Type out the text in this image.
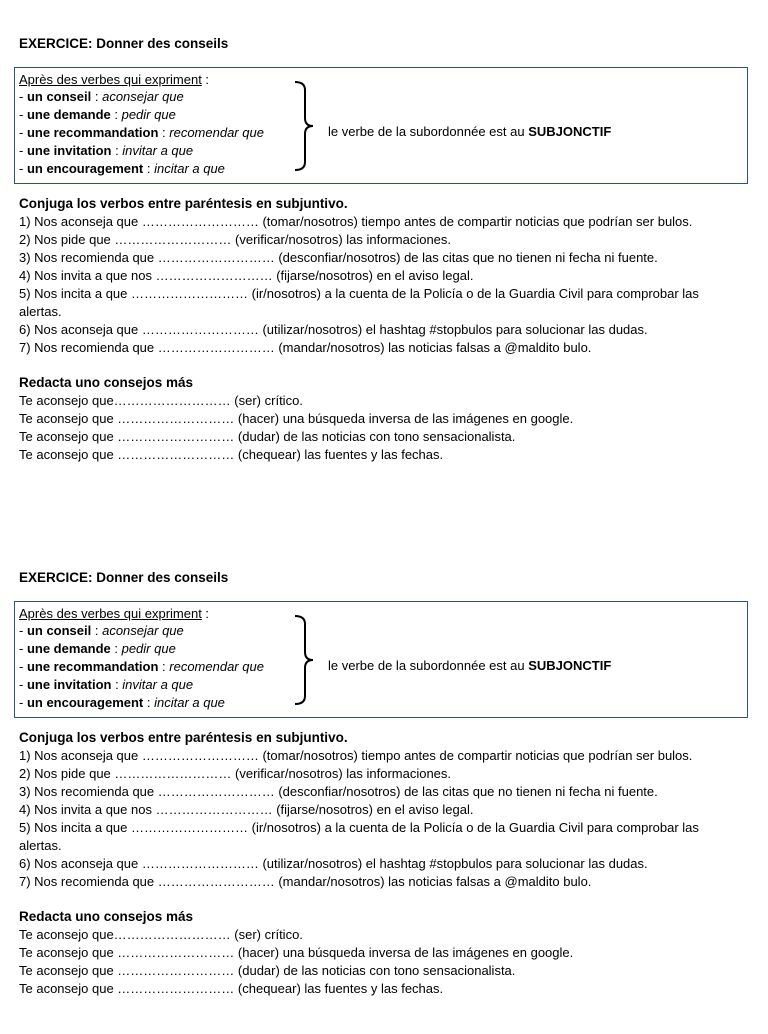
EXERCICE: Donner des conseils
Après des verbes qui expriment :
- un conseil : aconsejar que
- une demande : pedir que
- une recommandation : recomendar que
- une invitation : invitar a que
- un encouragement : incitar a que
le verbe de la subordonnée est au SUBJONCTIF
Conjuga los verbos entre paréntesis en subjuntivo.
1) Nos aconseja que ……………………… (tomar/nosotros) tiempo antes de compartir noticias que podrían ser bulos.
2) Nos pide que ……………………… (verificar/nosotros) las informaciones.
3) Nos recomienda que ……………………… (desconfiar/nosotros) de las citas que no tienen ni fecha ni fuente.
4) Nos invita a que nos ……………………… (fijarse/nosotros) en el aviso legal.
5) Nos incita a que ……………………… (ir/nosotros) a la cuenta de la Policía o de la Guardia Civil para comprobar las
alertas.
6) Nos aconseja que ……………………… (utilizar/nosotros) el hashtag #stopbulos para solucionar las dudas.
7) Nos recomienda que ……………………… (mandar/nosotros) las noticias falsas a @maldito bulo.
Redacta uno consejos más
Te aconsejo que……………………… (ser) crítico.
Te aconsejo que ……………………… (hacer) una búsqueda inversa de las imágenes en google.
Te aconsejo que ……………………… (dudar) de las noticias con tono sensacionalista.
Te aconsejo que ……………………… (chequear) las fuentes y las fechas.
EXERCICE: Donner des conseils
Après des verbes qui expriment :
- un conseil : aconsejar que
- une demande : pedir que
- une recommandation : recomendar que
- une invitation : invitar a que
- un encouragement : incitar a que
le verbe de la subordonnée est au SUBJONCTIF
Conjuga los verbos entre paréntesis en subjuntivo.
1) Nos aconseja que ……………………… (tomar/nosotros) tiempo antes de compartir noticias que podrían ser bulos.
2) Nos pide que ……………………… (verificar/nosotros) las informaciones.
3) Nos recomienda que ……………………… (desconfiar/nosotros) de las citas que no tienen ni fecha ni fuente.
4) Nos invita a que nos ……………………… (fijarse/nosotros) en el aviso legal.
5) Nos incita a que ……………………… (ir/nosotros) a la cuenta de la Policía o de la Guardia Civil para comprobar las
alertas.
6) Nos aconseja que ……………………… (utilizar/nosotros) el hashtag #stopbulos para solucionar las dudas.
7) Nos recomienda que ……………………… (mandar/nosotros) las noticias falsas a @maldito bulo.
Redacta uno consejos más
Te aconsejo que……………………… (ser) crítico.
Te aconsejo que ……………………… (hacer) una búsqueda inversa de las imágenes en google.
Te aconsejo que ……………………… (dudar) de las noticias con tono sensacionalista.
Te aconsejo que ……………………… (chequear) las fuentes y las fechas.
